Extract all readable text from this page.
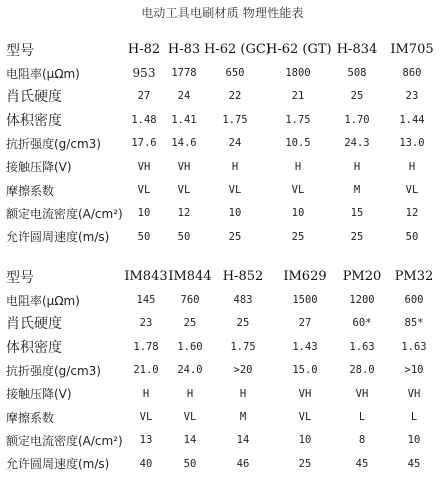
电动工具电刷材质 物理性能表
型号	H-82	H-83	H-62 (GC)	H-62 (GT)	H-834	IM705
电阻率(μΩm)	953	1778	650	1800	508	860
肖氏硬度	27	24	22	21	25	23
体积密度	1.48	1.41	1.75	1.75	1.70	1.44
抗折强度(g/cm3)	17.6	14.6	24	10.5	24.3	13.0
接触压降(V)	VH	VH	H	H	H	H
摩擦系数	VL	VL	VL	VL	M	VL
额定电流密度(A/cm²)	10	12	10	10	15	12
允许圆周速度(m/s)	50	50	25	25	25	50
型号	IM843	IM844	H-852	IM629	PM20	PM32
电阻率(μΩm)	145	760	483	1500	1200	600
肖氏硬度	23	25	25	27	60*	85*
体积密度	1.78	1.60	1.75	1.43	1.63	1.63
抗折强度(g/cm3)	21.0	24.0	>20	15.0	28.0	>10
接触压降(V)	H	H	H	VH	VH	VH
摩擦系数	VL	VL	M	VL	L	L
额定电流密度(A/cm²)	13	14	14	10	8	10
允许圆周速度(m/s)	40	50	46	25	45	45
